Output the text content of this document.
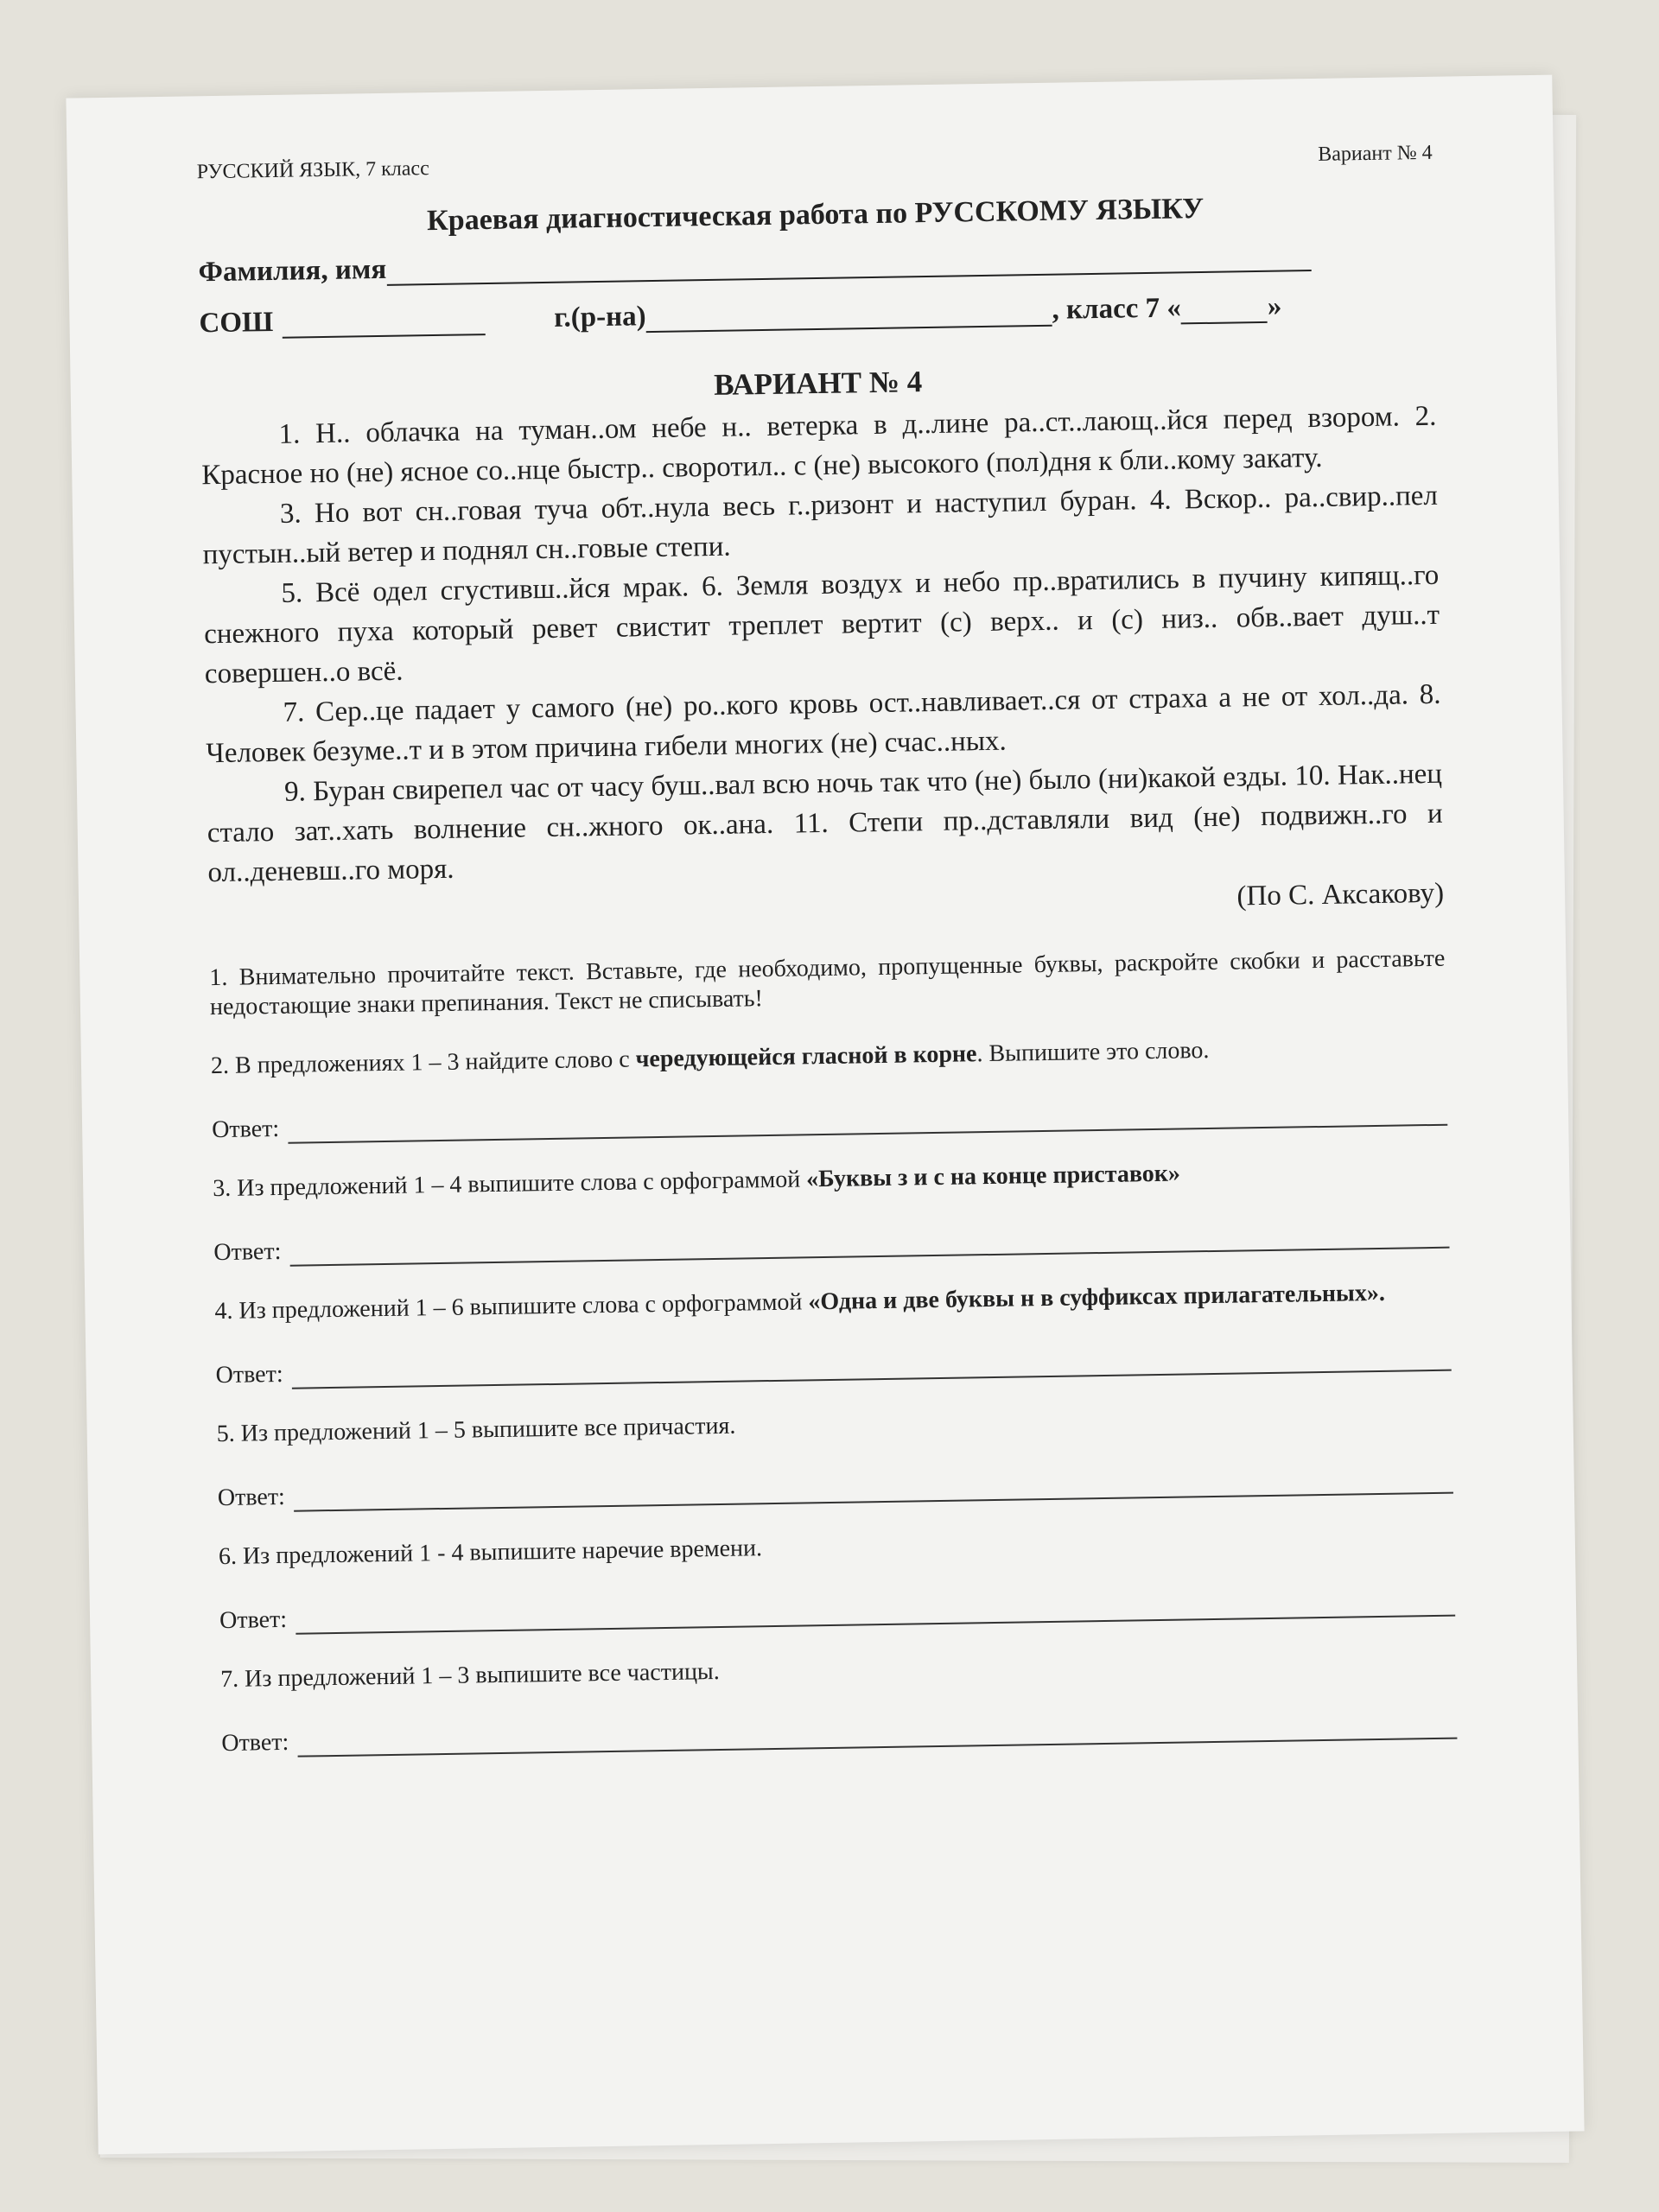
РУССКИЙ ЯЗЫК, 7 класс
Вариант № 4
Краевая диагностическая работа по РУССКОМУ ЯЗЫКУ
Фамилия, имя
СОШ	г.(р-на)	, класс 7 «	»
ВАРИАНТ № 4

1. Н.. облачка на туман..ом небе н.. ветерка в д..лине ра..ст..лающ..йся перед взором. 2. Красное но (не) ясное со..нце быстр.. своротил.. с (не) высокого (пол)дня к бли..кому закату.

3. Но вот сн..говая туча обт..нула весь г..ризонт и наступил буран. 4. Вскор.. ра..свир..пел пустын..ый ветер и поднял сн..говые степи.

5. Всё одел сгустивш..йся мрак. 6. Земля воздух и небо пр..вратились в пучину кипящ..го снежного пуха который ревет свистит треплет вертит (с) верх.. и (с) низ.. обв..вает душ..т совершен..о всё.

7. Сер..це падает у самого (не) ро..кого кровь ост..навливает..ся от страха а не от хол..да. 8. Человек безуме..т и в этом причина гибели многих (не) счас..ных.

9. Буран свирепел час от часу буш..вал всю ночь так что (не) было (ни)какой езды. 10. Нак..нец стало зат..хать волнение сн..жного ок..ана. 11. Степи пр..дставляли вид (не) подвижн..го и ол..деневш..го моря.

(По С. Аксакову)
1. Внимательно прочитайте текст. Вставьте, где необходимо, пропущенные буквы, раскройте скобки и расставьте недостающие знаки препинания. Текст не списывать!
2. В предложениях 1 – 3 найдите слово с чередующейся гласной в корне. Выпишите это слово.
Ответ:
3. Из предложений 1 – 4 выпишите слова с орфограммой «Буквы з и с на конце приставок»
Ответ:
4. Из предложений 1 – 6 выпишите слова с орфограммой «Одна и две буквы н в суффиксах прилагательных».
Ответ:
5. Из предложений 1 – 5 выпишите все причастия.
Ответ:
6. Из предложений 1 - 4 выпишите наречие времени.
Ответ:
7. Из предложений 1 – 3 выпишите все частицы.
Ответ:
